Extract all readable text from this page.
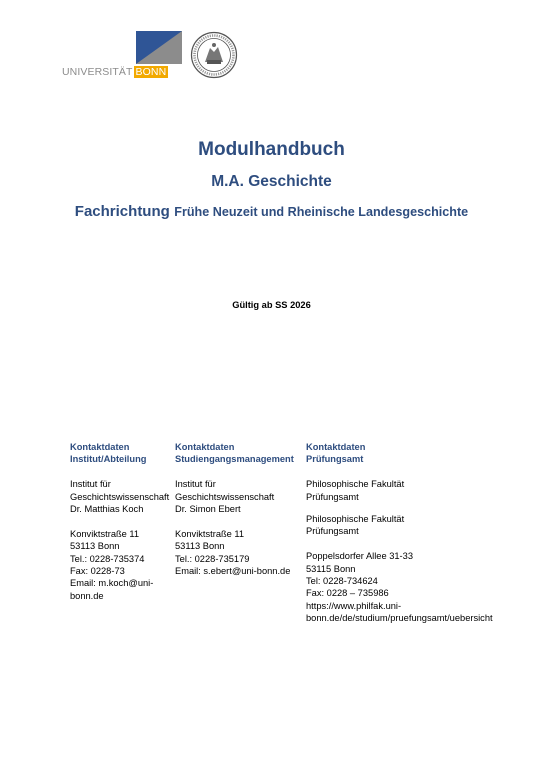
UNIVERSITÄT BONN
Modulhandbuch
M.A. Geschichte
Fachrichtung Frühe Neuzeit und Rheinische Landesgeschichte
Gültig ab SS 2026
Kontaktdaten
Institut/Abteilung
Institut für
Geschichtswissenschaft
Dr. Matthias Koch
Konviktstraße 11
53113 Bonn
Tel.: 0228-735374
Fax: 0228-73
Email: m.koch@uni-
bonn.de
Kontaktdaten
Studiengangsmanagement
Institut für
Geschichtswissenschaft
Dr. Simon Ebert
Konviktstraße 11
53113 Bonn
Tel.: 0228-735179
Email: s.ebert@uni-bonn.de
Kontaktdaten
Prüfungsamt
Philosophische Fakultät
Prüfungsamt
Philosophische Fakultät
Prüfungsamt
Poppelsdorfer Allee 31-33
53115 Bonn
Tel: 0228-734624
Fax: 0228 – 735986
https://www.philfak.uni-
bonn.de/de/studium/pruefungsamt/uebersicht
